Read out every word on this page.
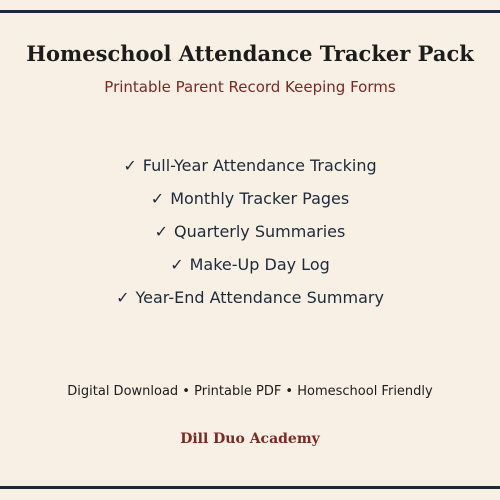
Homeschool Attendance Tracker Pack
Printable Parent Record Keeping Forms
✓ Full-Year Attendance Tracking
✓ Monthly Tracker Pages
✓ Quarterly Summaries
✓ Make-Up Day Log
✓ Year-End Attendance Summary
Digital Download • Printable PDF • Homeschool Friendly
Dill Duo Academy
